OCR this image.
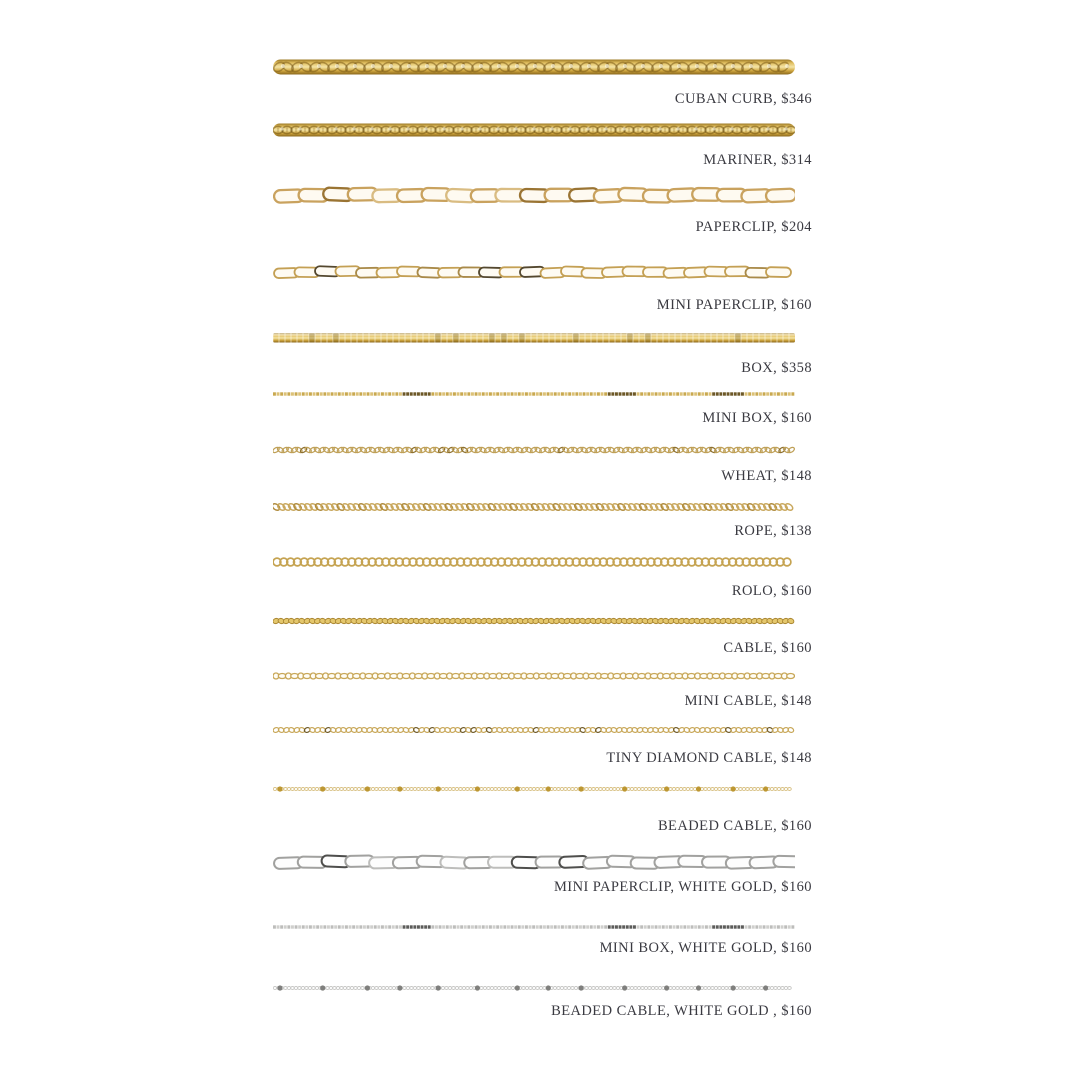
CUBAN CURB, $346
MARINER, $314
PAPERCLIP, $204
MINI PAPERCLIP, $160
BOX, $358
MINI BOX, $160
WHEAT, $148
ROPE, $138
ROLO, $160
CABLE, $160
MINI CABLE, $148
TINY DIAMOND CABLE, $148
BEADED CABLE, $160
MINI PAPERCLIP, WHITE GOLD, $160
MINI BOX, WHITE GOLD, $160
BEADED CABLE, WHITE GOLD , $160
